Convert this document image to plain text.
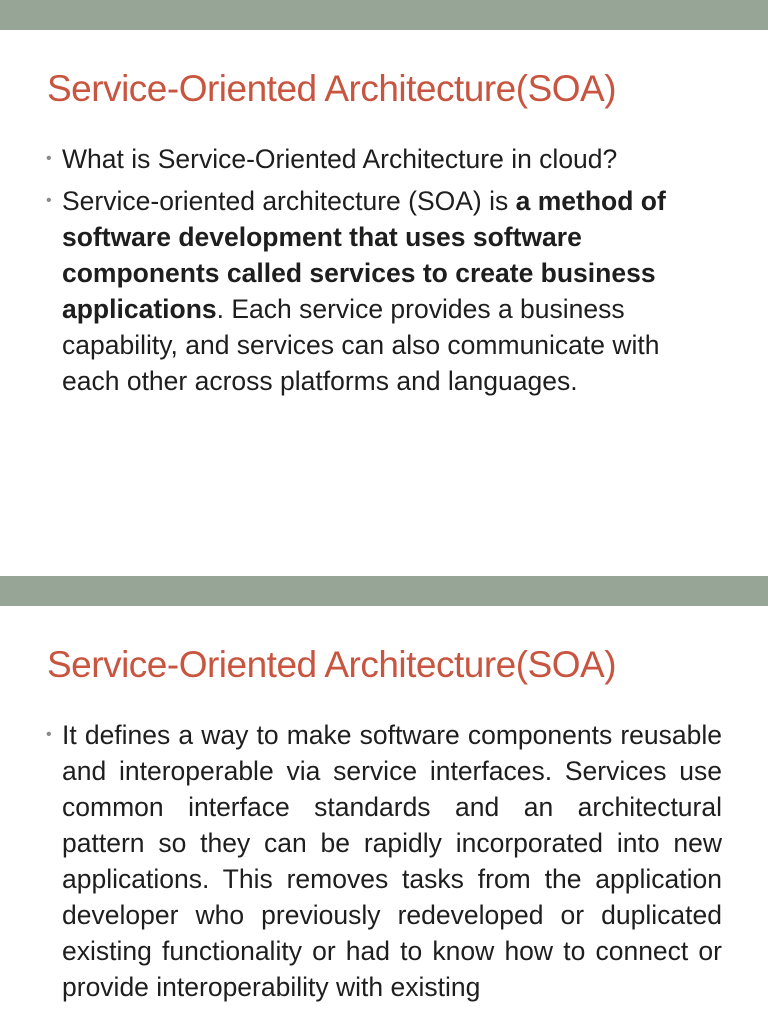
Service-Oriented Architecture(SOA)
• What is Service-Oriented Architecture in cloud?
• Service-oriented architecture (SOA) is a method of software development that uses software components called services to create business applications. Each service provides a business capability, and services can also communicate with each other across platforms and languages.
Service-Oriented Architecture(SOA)
• It defines a way to make software components reusable and interoperable via service interfaces. Services use common interface standards and an architectural pattern so they can be rapidly incorporated into new applications. This removes tasks from the application developer who previously redeveloped or duplicated existing functionality or had to know how to connect or provide interoperability with existing
